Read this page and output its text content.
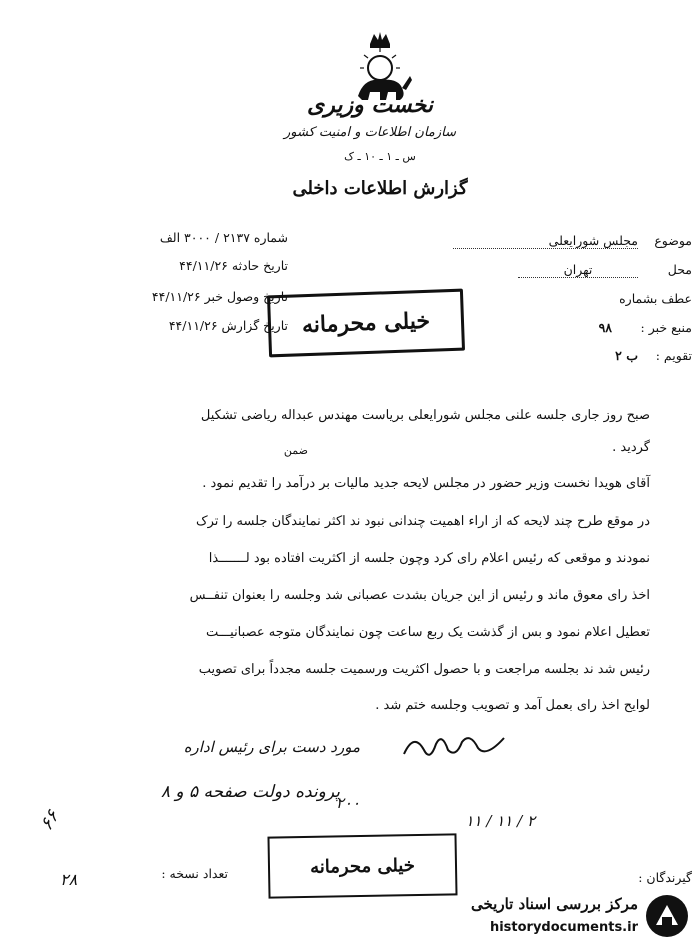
نخست وزیری
سازمان اطلاعات و امنیت کشور
س ـ ۱ ـ ۱۰ ـ ک
گزارش اطلاعات داخلی
شماره ۲۱۳۷ / ۳۰۰۰ الف
تاریخ حادثه ۴۴/۱۱/۲۶
تاریخ وصول خبر ۴۴/۱۱/۲۶
تاریخ گزارش ۴۴/۱۱/۲۶
موضوع
مجلس شورایعلی
محل
تهران
عطف بشماره
منبع خبر :
۹۸
تقویم :
ب ۲
خیلی محرمانه
ضمن
صبح روز جاری جلسه علنی مجلس شورایعلی بریاست مهندس عبداله ریاضی تشکیل
گردید .
آقای هویدا نخست وزیر حضور در مجلس لایحه جدید مالیات بر درآمد را تقدیم نمود .
در موقع طرح چند لایحه که از اراء اهمیت چندانی نبود ند اکثر نمایندگان جلسه را ترک
نمودند و موقعی که رئیس اعلام رای کرد وچون جلسه از اکثریت افتاده بود لـــــــذا
اخذ رای معوق ماند و رئیس از این جریان بشدت عصبانی شد وجلسه را بعنوان تنفــس
تعطیل اعلام نمود و بس از گذشت یک ربع ساعت چون نمایندگان متوجه عصبانیـــت
رئیس شد ند بجلسه مراجعت و با حصول اکثریت ورسمیت جلسه مجدداً برای تصویب
لوایح اخذ رای بعمل آمد و تصویب وجلسه ختم شد .
مورد دست برای رئیس اداره
پرونده دولت صفحه ۵ و ۸
۲۰۰
۲ / ۱۱ / ۱۱
۶۶
۲۸	گیرندگان :
تعداد نسخه :	خیلی محرمانه
مرکز بررسی اسناد تاریخی
historydocuments.ir
